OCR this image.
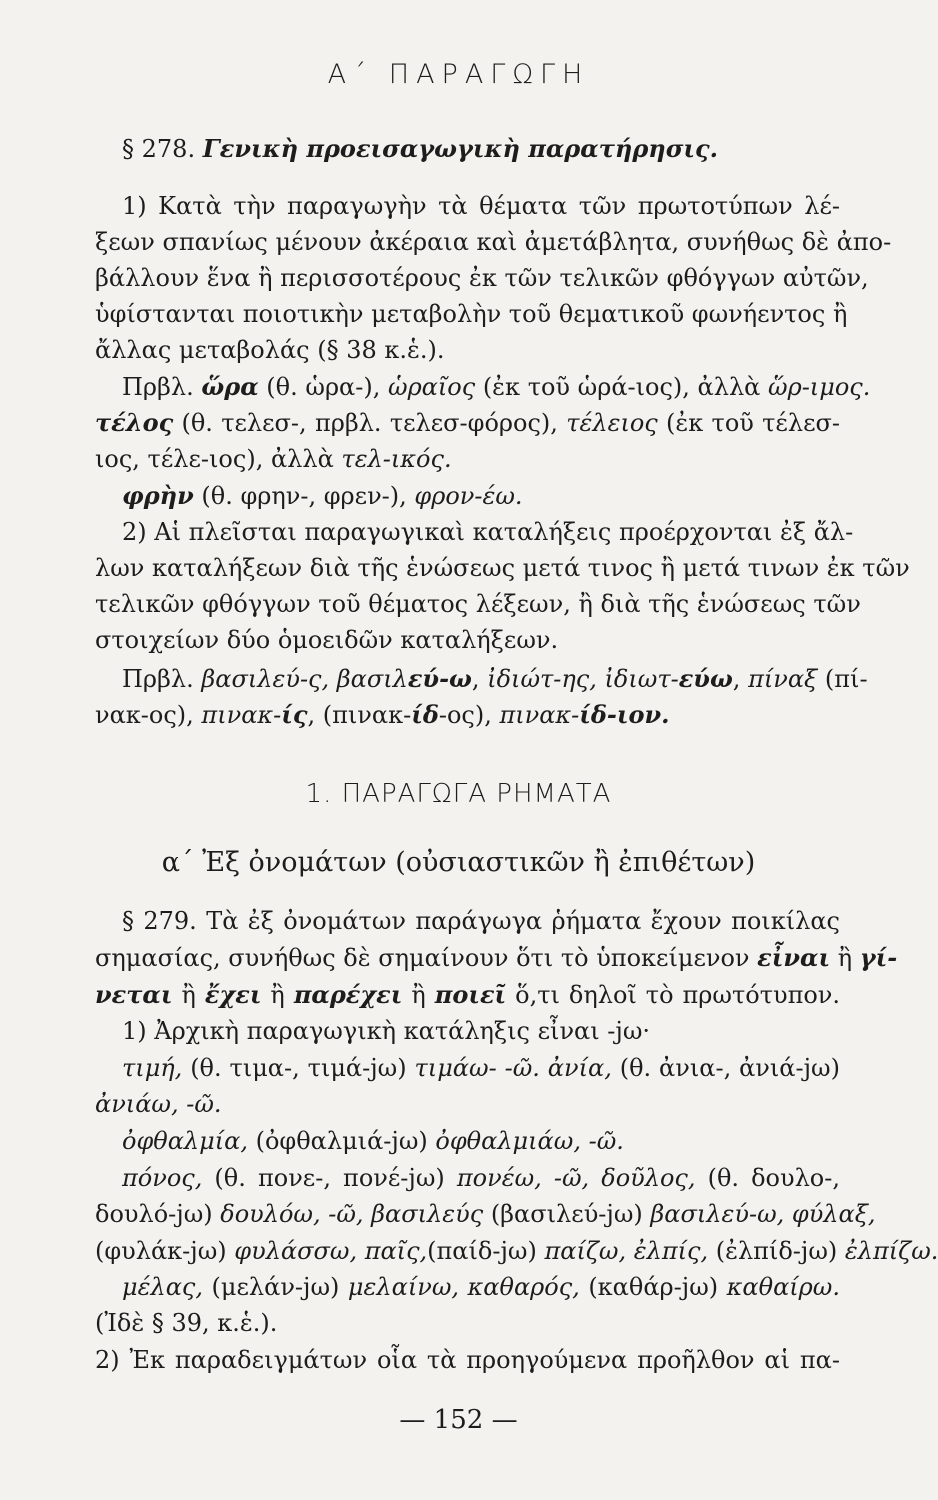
Α΄ ΠΑΡΑΓΩΓΗ
§ 278. Γενικὴ προεισαγωγικὴ παρατήρησις.
1) Κατὰ τὴν παραγωγὴν τὰ θέματα τῶν πρωτοτύπων λέ-
ξεων σπανίως μένουν ἀκέραια καὶ ἀμετάβλητα, συνήθως δὲ ἀπο-
βάλλουν ἕνα ἢ περισσοτέρους ἐκ τῶν τελικῶν φθόγγων αὐτῶν,
ὑφίστανται ποιοτικὴν μεταβολὴν τοῦ θεματικοῦ φωνήεντος ἢ
ἄλλας μεταβολάς (§ 38 κ.ἑ.).
Πρβλ. ὥρα (θ. ὡρα-), ὡραῖος (ἐκ τοῦ ὡρά-ιος), ἀλλὰ ὥρ-ιμος.
τέλος (θ. τελεσ-, πρβλ. τελεσ-φόρος), τέλειος (ἐκ τοῦ τέλεσ-
ιος, τέλε-ιος), ἀλλὰ τελ-ικός.
φρὴν (θ. φρην-, φρεν-), φρον-έω.
2) Αἱ πλεῖσται παραγωγικαὶ καταλήξεις προέρχονται ἐξ ἄλ-
λων καταλήξεων διὰ τῆς ἑνώσεως μετά τινος ἢ μετά τινων ἐκ τῶν
τελικῶν φθόγγων τοῦ θέματος λέξεων, ἢ διὰ τῆς ἑνώσεως τῶν
στοιχείων δύο ὁμοειδῶν καταλήξεων.
Πρβλ. βασιλεύ-ς, βασιλεύ-ω, ἰδιώτ-ης, ἰδιωτ-εύω, πίναξ (πί-
νακ-ος), πινακ-ίς, (πινακ-ίδ-ος), πινακ-ίδ-ιον.
1. ΠΑΡΑΓΩΓΑ ΡΗΜΑΤΑ
α΄ Ἐξ ὀνομάτων (οὐσιαστικῶν ἢ ἐπιθέτων)
§ 279. Τὰ ἐξ ὀνομάτων παράγωγα ῥήματα ἔχουν ποικίλας
σημασίας, συνήθως δὲ σημαίνουν ὅτι τὸ ὑποκείμενον εἶναι ἢ γί-
νεται ἢ ἔχει ἢ παρέχει ἢ ποιεῖ ὅ,τι δηλοῖ τὸ πρωτότυπον.
1) Ἀρχικὴ παραγωγικὴ κατάληξις εἶναι -jω·
τιμή, (θ. τιμα-, τιμά-jω) τιμάω- -ῶ. ἀνία, (θ. ἀνια-, ἀνιά-jω)
ἀνιάω, -ῶ.
ὀφθαλμία, (ὀφθαλμιά-jω) ὀφθαλμιάω, -ῶ.
πόνος, (θ. πονε-, πονέ-jω) πονέω, -ῶ, δοῦλος, (θ. δουλο-,
δουλό-jω) δουλόω, -ῶ, βασιλεύς (βασιλεύ-jω) βασιλεύ-ω, φύλαξ,
(φυλάκ-jω) φυλάσσω, παῖς,(παίδ-jω) παίζω, ἐλπίς, (ἐλπίδ-jω) ἐλπίζω.
μέλας, (μελάν-jω) μελαίνω, καθαρός, (καθάρ-jω) καθαίρω.
(Ἰδὲ § 39, κ.ἑ.).
2) Ἐκ παραδειγμάτων οἷα τὰ προηγούμενα προῆλθον αἱ πα-
— 152 —
